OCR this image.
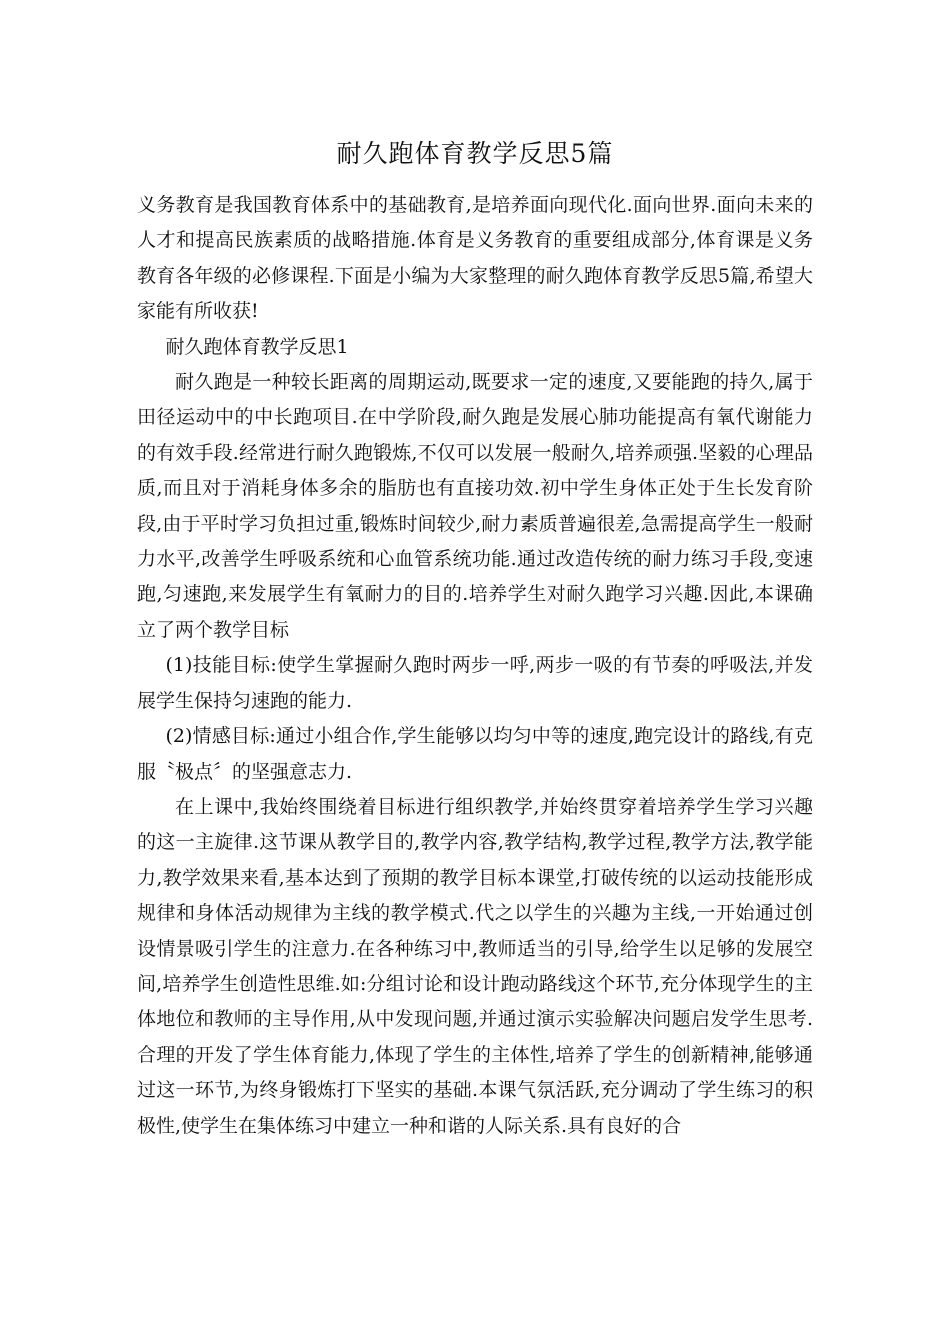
耐久跑体育教学反思5篇

义务教育是我国教育体系中的基础教育,是培养面向现代化.面向世界.面向未来的人才和提高民族素质的战略措施.体育是义务教育的重要组成部分,体育课是义务教育各年级的必修课程.下面是小编为大家整理的耐久跑体育教学反思5篇,希望大家能有所收获!

耐久跑体育教学反思1

耐久跑是一种较长距离的周期运动,既要求一定的速度,又要能跑的持久,属于田径运动中的中长跑项目.在中学阶段,耐久跑是发展心肺功能提高有氧代谢能力的有效手段.经常进行耐久跑锻炼,不仅可以发展一般耐久,培养顽强.坚毅的心理品质,而且对于消耗身体多余的脂肪也有直接功效.初中学生身体正处于生长发育阶段,由于平时学习负担过重,锻炼时间较少,耐力素质普遍很差,急需提高学生一般耐力水平,改善学生呼吸系统和心血管系统功能.通过改造传统的耐力练习手段,变速跑,匀速跑,来发展学生有氧耐力的目的.培养学生对耐久跑学习兴趣.因此,本课确立了两个教学目标

(1)技能目标:使学生掌握耐久跑时两步一呼,两步一吸的有节奏的呼吸法,并发展学生保持匀速跑的能力.

(2)情感目标:通过小组合作,学生能够以均匀中等的速度,跑完设计的路线,有克服〝极点〞的坚强意志力.

在上课中,我始终围绕着目标进行组织教学,并始终贯穿着培养学生学习兴趣的这一主旋律.这节课从教学目的,教学内容,教学结构,教学过程,教学方法,教学能力,教学效果来看,基本达到了预期的教学目标本课堂,打破传统的以运动技能形成规律和身体活动规律为主线的教学模式.代之以学生的兴趣为主线,一开始通过创设情景吸引学生的注意力.在各种练习中,教师适当的引导,给学生以足够的发展空间,培养学生创造性思维.如:分组讨论和设计跑动路线这个环节,充分体现学生的主体地位和教师的主导作用,从中发现问题,并通过演示实验解决问题启发学生思考.合理的开发了学生体育能力,体现了学生的主体性,培养了学生的创新精神,能够通过这一环节,为终身锻炼打下坚实的基础.本课气氛活跃,充分调动了学生练习的积极性,使学生在集体练习中建立一种和谐的人际关系.具有良好的合
